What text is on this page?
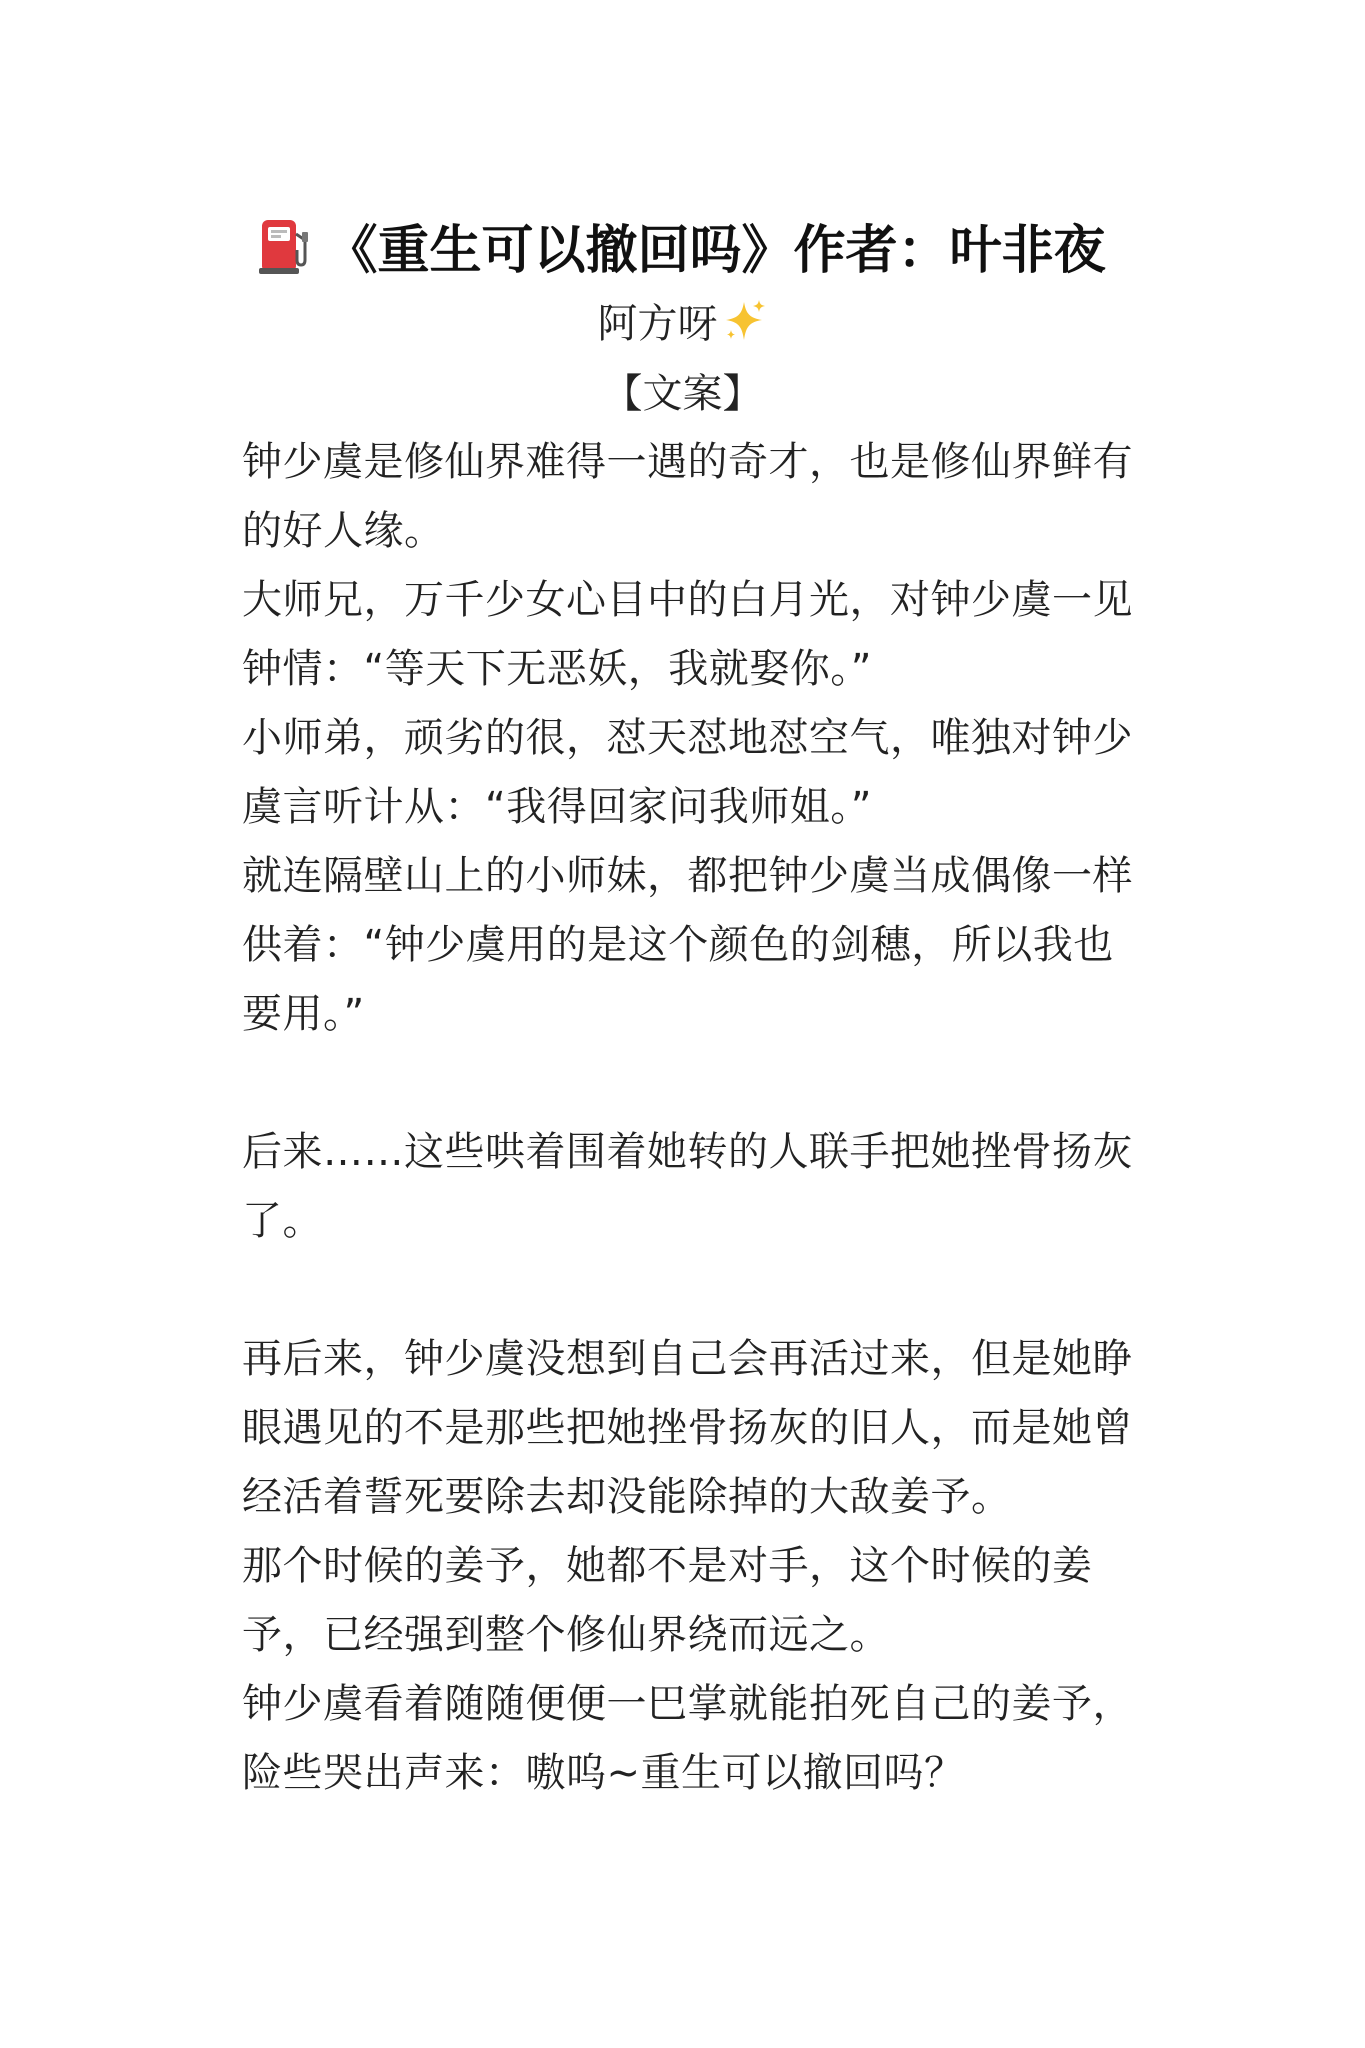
《重生可以撤回吗》作者：叶非夜
阿方呀
【文案】
钟少虞是修仙界难得一遇的奇才，也是修仙界鲜有
的好人缘。
大师兄，万千少女心目中的白月光，对钟少虞一见
钟情：“等天下无恶妖，我就娶你。”
小师弟，顽劣的很，怼天怼地怼空气，唯独对钟少
虞言听计从：“我得回家问我师姐。”
就连隔壁山上的小师妹，都把钟少虞当成偶像一样
供着：“钟少虞用的是这个颜色的剑穗，所以我也
要用。”
后来……这些哄着围着她转的人联手把她挫骨扬灰
了。
再后来，钟少虞没想到自己会再活过来，但是她睁
眼遇见的不是那些把她挫骨扬灰的旧人，而是她曾
经活着誓死要除去却没能除掉的大敌姜予。
那个时候的姜予，她都不是对手，这个时候的姜
予，已经强到整个修仙界绕而远之。
钟少虞看着随随便便一巴掌就能拍死自己的姜予，
险些哭出声来：嗷呜~重生可以撤回吗？
